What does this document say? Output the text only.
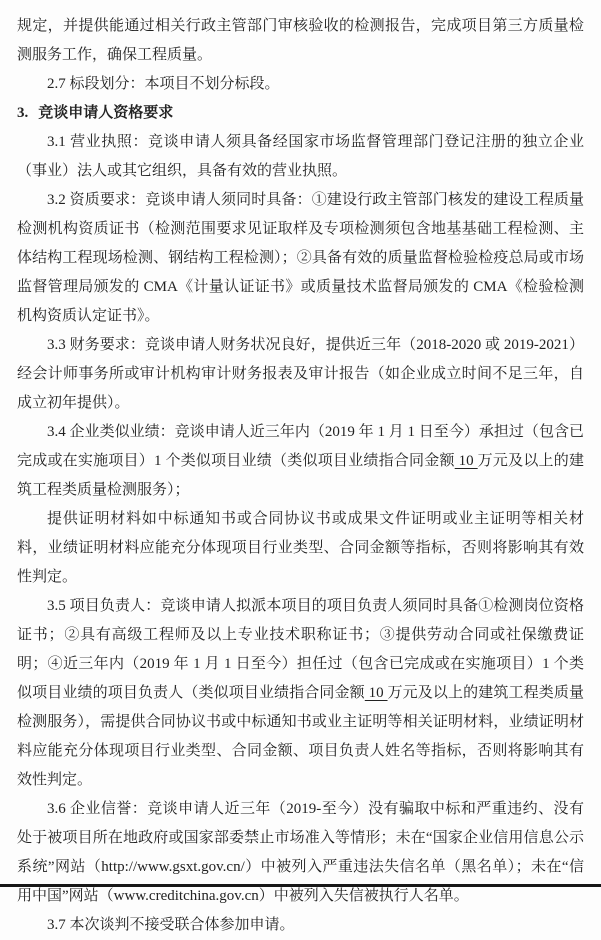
规定，并提供能通过相关行政主管部门审核验收的检测报告，完成项目第三方质量检测服务工作，确保工程质量。

2.7 标段划分：本项目不划分标段。

3. 竞谈申请人资格要求

3.1 营业执照：竞谈申请人须具备经国家市场监督管理部门登记注册的独立企业（事业）法人或其它组织，具备有效的营业执照。

3.2 资质要求：竞谈申请人须同时具备：①建设行政主管部门核发的建设工程质量检测机构资质证书（检测范围要求见证取样及专项检测须包含地基基础工程检测、主体结构工程现场检测、钢结构工程检测）；②具备有效的质量监督检验检疫总局或市场监督管理局颁发的 CMA《计量认证证书》或质量技术监督局颁发的 CMA《检验检测机构资质认定证书》。

3.3 财务要求：竞谈申请人财务状况良好，提供近三年（2018-2020 或 2019-2021）经会计师事务所或审计机构审计财务报表及审计报告（如企业成立时间不足三年，自成立初年提供）。

3.4 企业类似业绩：竞谈申请人近三年内（2019 年 1 月 1 日至今）承担过（包含已完成或在实施项目）1 个类似项目业绩（类似项目业绩指合同金额 10 万元及以上的建筑工程类质量检测服务）；

提供证明材料如中标通知书或合同协议书或成果文件证明或业主证明等相关材料，业绩证明材料应能充分体现项目行业类型、合同金额等指标，否则将影响其有效性判定。

3.5 项目负责人：竞谈申请人拟派本项目的项目负责人须同时具备①检测岗位资格证书；②具有高级工程师及以上专业技术职称证书；③提供劳动合同或社保缴费证明；④近三年内（2019 年 1 月 1 日至今）担任过（包含已完成或在实施项目）1 个类似项目业绩的项目负责人（类似项目业绩指合同金额 10 万元及以上的建筑工程类质量检测服务），需提供合同协议书或中标通知书或业主证明等相关证明材料，业绩证明材料应能充分体现项目行业类型、合同金额、项目负责人姓名等指标，否则将影响其有效性判定。

3.6 企业信誉：竞谈申请人近三年（2019-至今）没有骗取中标和严重违约、没有处于被项目所在地政府或国家部委禁止市场准入等情形；未在“国家企业信用信息公示系统”网站（http://www.gsxt.gov.cn/）中被列入严重违法失信名单（黑名单）；未在“信用中国”网站（www.creditchina.gov.cn）中被列入失信被执行人名单。

3.7 本次谈判不接受联合体参加申请。
